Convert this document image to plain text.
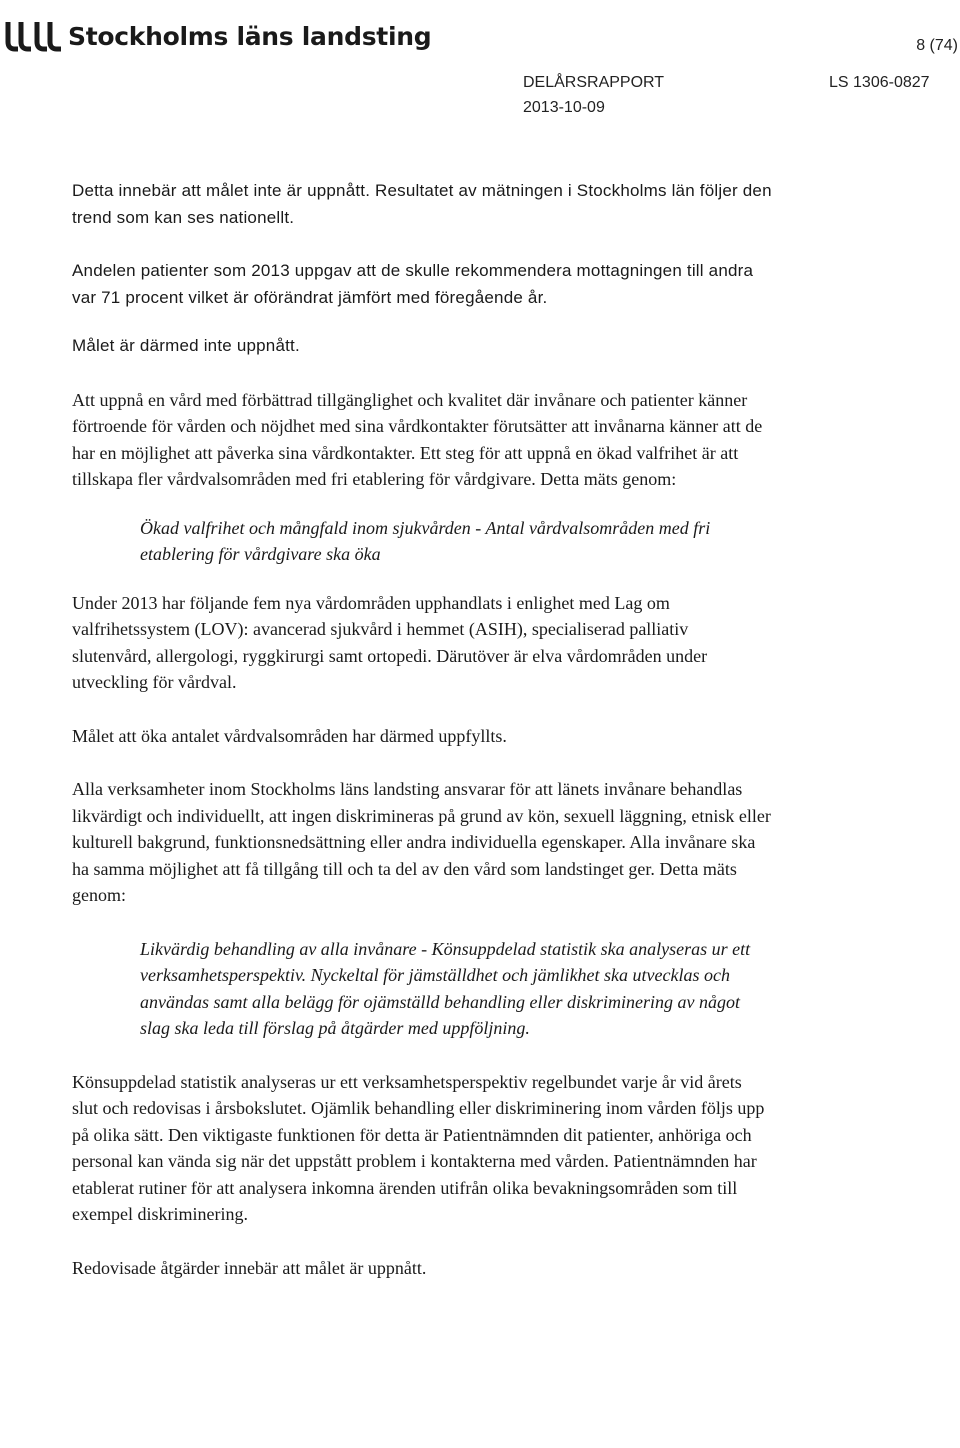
Stockholms läns landsting	8 (74)
DELÅRSRAPPORT	LS 1306-0827
2013-10-09

Detta innebär att målet inte är uppnått. Resultatet av mätningen i Stockholms län följer den trend som kan ses nationellt.

Andelen patienter som 2013 uppgav att de skulle rekommendera mottagningen till andra var 71 procent vilket är oförändrat jämfört med föregående år.

Målet är därmed inte uppnått.

Att uppnå en vård med förbättrad tillgänglighet och kvalitet där invånare och patienter känner förtroende för vården och nöjdhet med sina vårdkontakter förutsätter att invånarna känner att de har en möjlighet att påverka sina vårdkontakter. Ett steg för att uppnå en ökad valfrihet är att tillskapa fler vårdvalsområden med fri etablering för vårdgivare. Detta mäts genom:

Ökad valfrihet och mångfald inom sjukvården - Antal vårdvalsområden med fri etablering för vårdgivare ska öka

Under 2013 har följande fem nya vårdområden upphandlats i enlighet med Lag om valfrihetssystem (LOV): avancerad sjukvård i hemmet (ASIH), specialiserad palliativ slutenvård, allergologi, ryggkirurgi samt ortopedi. Därutöver är elva vårdområden under utveckling för vårdval.

Målet att öka antalet vårdvalsområden har därmed uppfyllts.

Alla verksamheter inom Stockholms läns landsting ansvarar för att länets invånare behandlas likvärdigt och individuellt, att ingen diskrimineras på grund av kön, sexuell läggning, etnisk eller kulturell bakgrund, funktionsnedsättning eller andra individuella egenskaper. Alla invånare ska ha samma möjlighet att få tillgång till och ta del av den vård som landstinget ger. Detta mäts genom:

Likvärdig behandling av alla invånare - Könsuppdelad statistik ska analyseras ur ett verksamhetsperspektiv. Nyckeltal för jämställdhet och jämlikhet ska utvecklas och användas samt alla belägg för ojämställd behandling eller diskriminering av något slag ska leda till förslag på åtgärder med uppföljning.

Könsuppdelad statistik analyseras ur ett verksamhetsperspektiv regelbundet varje år vid årets slut och redovisas i årsbokslutet. Ojämlik behandling eller diskriminering inom vården följs upp på olika sätt. Den viktigaste funktionen för detta är Patientnämnden dit patienter, anhöriga och personal kan vända sig när det uppstått problem i kontakterna med vården. Patientnämnden har etablerat rutiner för att analysera inkomna ärenden utifrån olika bevakningsområden som till exempel diskriminering.

Redovisade åtgärder innebär att målet är uppnått.
